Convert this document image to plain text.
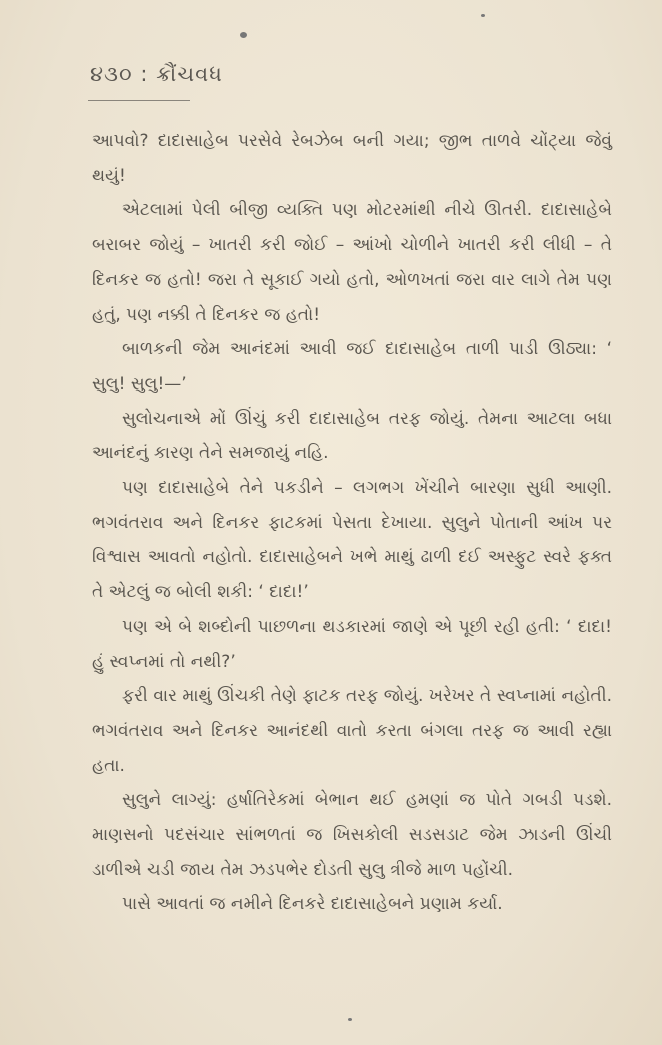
૪૩૦ : ક્રૌંચવધ

આપવો? દાદાસાહેબ પરસેવે રેબઝેબ બની ગયા; જીભ તાળવે ચોંટ્યા જેવું થયું!

એટલામાં પેલી બીજી વ્યક્તિ પણ મોટરમાંથી નીચે ઊતરી. દાદાસાહેબે બરાબર જોયું – ખાતરી કરી જોઈ – આંખો ચોળીને ખાતરી કરી લીધી – તે દિનકર જ હતો! જરા તે સૂકાઈ ગયો હતો, ઓળખતાં જરા વાર લાગે તેમ પણ હતું, પણ નક્કી તે દિનકર જ હતો!

બાળકની જેમ આનંદમાં આવી જઈ દાદાસાહેબ તાળી પાડી ઊઠ્યા: ‘ સુલુ! સુલુ!—’

સુલોચનાએ મોં ઊંચું કરી દાદાસાહેબ તરફ જોયું. તેમના આટલા બધા આનંદનું કારણ તેને સમજાયું નહિ.

પણ દાદાસાહેબે તેને પકડીને – લગભગ ખેંચીને બારણા સુધી આણી. ભગવંતરાવ અને દિનકર ફાટકમાં પેસતા દેખાયા. સુલુને પોતાની આંખ પર વિશ્વાસ આવતો નહોતો. દાદાસાહેબને ખભે માથું ઢાળી દઈ અસ્ફુટ સ્વરે ફક્ત તે એટલું જ બોલી શકી: ‘ દાદા!’

પણ એ બે શબ્દોની પાછળના થડકારમાં જાણે એ પૂછી રહી હતી: ‘ દાદા! હું સ્વપ્નમાં તો નથી?’

ફરી વાર માથું ઊંચકી તેણે ફાટક તરફ જોયું. ખરેખર તે સ્વપ્નામાં નહોતી. ભગવંતરાવ અને દિનકર આનંદથી વાતો કરતા બંગલા તરફ જ આવી રહ્યા હતા.

સુલુને લાગ્યું: હર્ષાતિરેકમાં બેભાન થઈ હમણાં જ પોતે ગબડી પડશે. માણસનો પદસંચાર સાંભળતાં જ ખિસકોલી સડસડાટ જેમ ઝાડની ઊંચી ડાળીએ ચડી જાય તેમ ઝડપભેર દોડતી સુલુ ત્રીજે માળ પહોંચી.

પાસે આવતાં જ નમીને દિનકરે દાદાસાહેબને પ્રણામ કર્યા.
